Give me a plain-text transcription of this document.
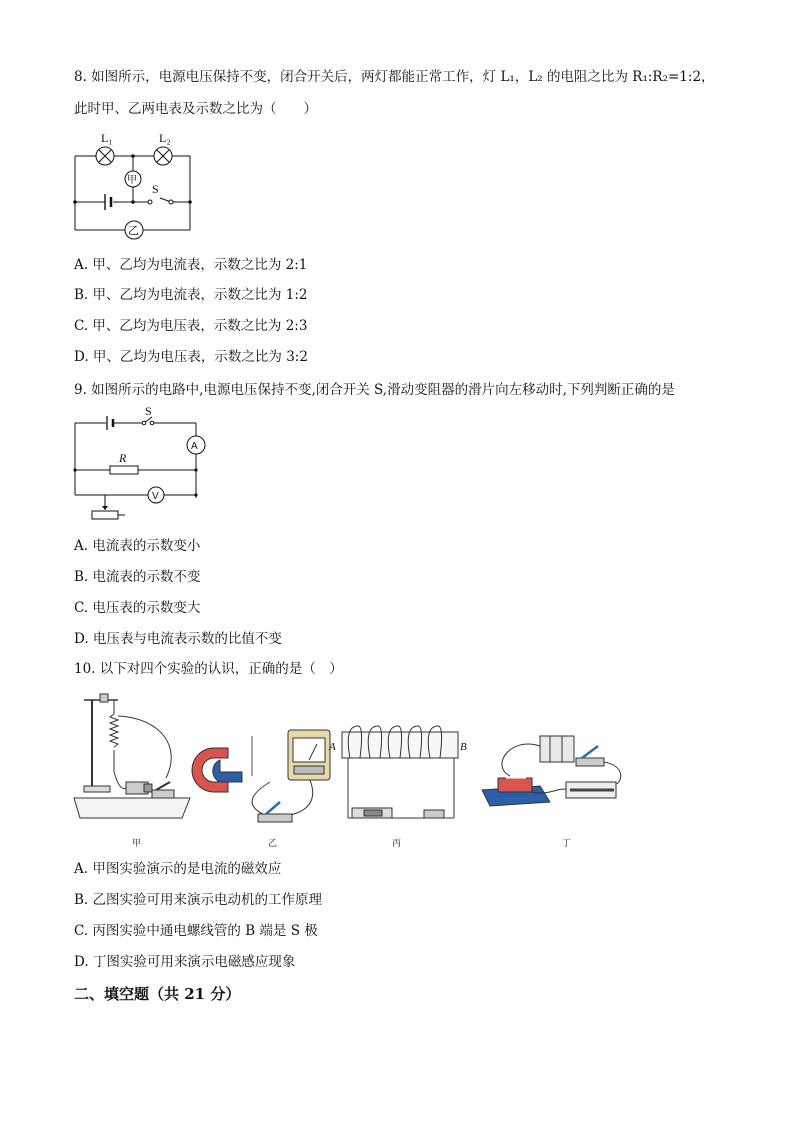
8. 如图所示，电源电压保持不变，闭合开关后，两灯都能正常工作，灯 L₁，L₂ 的电阻之比为 R₁:R₂=1:2，
此时甲、乙两电表及示数之比为（　　）
L₁	L₂
甲
乙
S
A. 甲、乙均为电流表，示数之比为 2:1
B. 甲、乙均为电流表，示数之比为 1:2
C. 甲、乙均为电压表，示数之比为 2:3
D. 甲、乙均为电压表，示数之比为 3:2
9. 如图所示的电路中,电源电压保持不变,闭合开关 S,滑动变阻器的滑片向左移动时,下列判断正确的是
S
A
R
V
A. 电流表的示数变小
B. 电流表的示数不变
C. 电压表的示数变大
D. 电压表与电流表示数的比值不变
10. 以下对四个实验的认识，正确的是（　）
甲	乙
A	B
丙	丁
A. 甲图实验演示的是电流的磁效应
B. 乙图实验可用来演示电动机的工作原理
C. 丙图实验中通电螺线管的 B 端是 S 极
D. 丁图实验可用来演示电磁感应现象
二、填空题（共 21 分）
